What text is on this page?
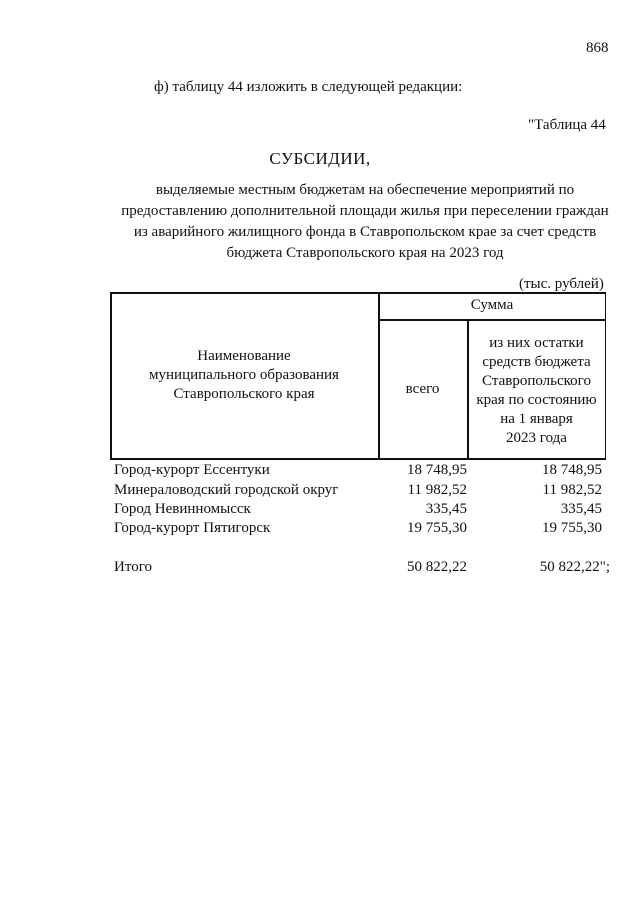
868
ф) таблицу 44 изложить в следующей редакции:
"Таблица 44
СУБСИДИИ,
выделяемые местным бюджетам на обеспечение мероприятий по
предоставлению дополнительной площади жилья при переселении граждан
из аварийного жилищного фонда в Ставропольском крае за счет средств
бюджета Ставропольского края на 2023 год
(тыс. рублей)
Наименование
муниципального образования
Ставропольского края
Сумма
всего
из них остатки
средств бюджета
Ставропольского
края по состоянию
на 1 января
2023 года
Город-курорт Ессентуки	18 748,95	18 748,95
Минераловодский городской округ	11 982,52	11 982,52
Город Невинномысск	335,45	335,45
Город-курорт Пятигорск	19 755,30	19 755,30
Итого	50 822,22	50 822,22";
